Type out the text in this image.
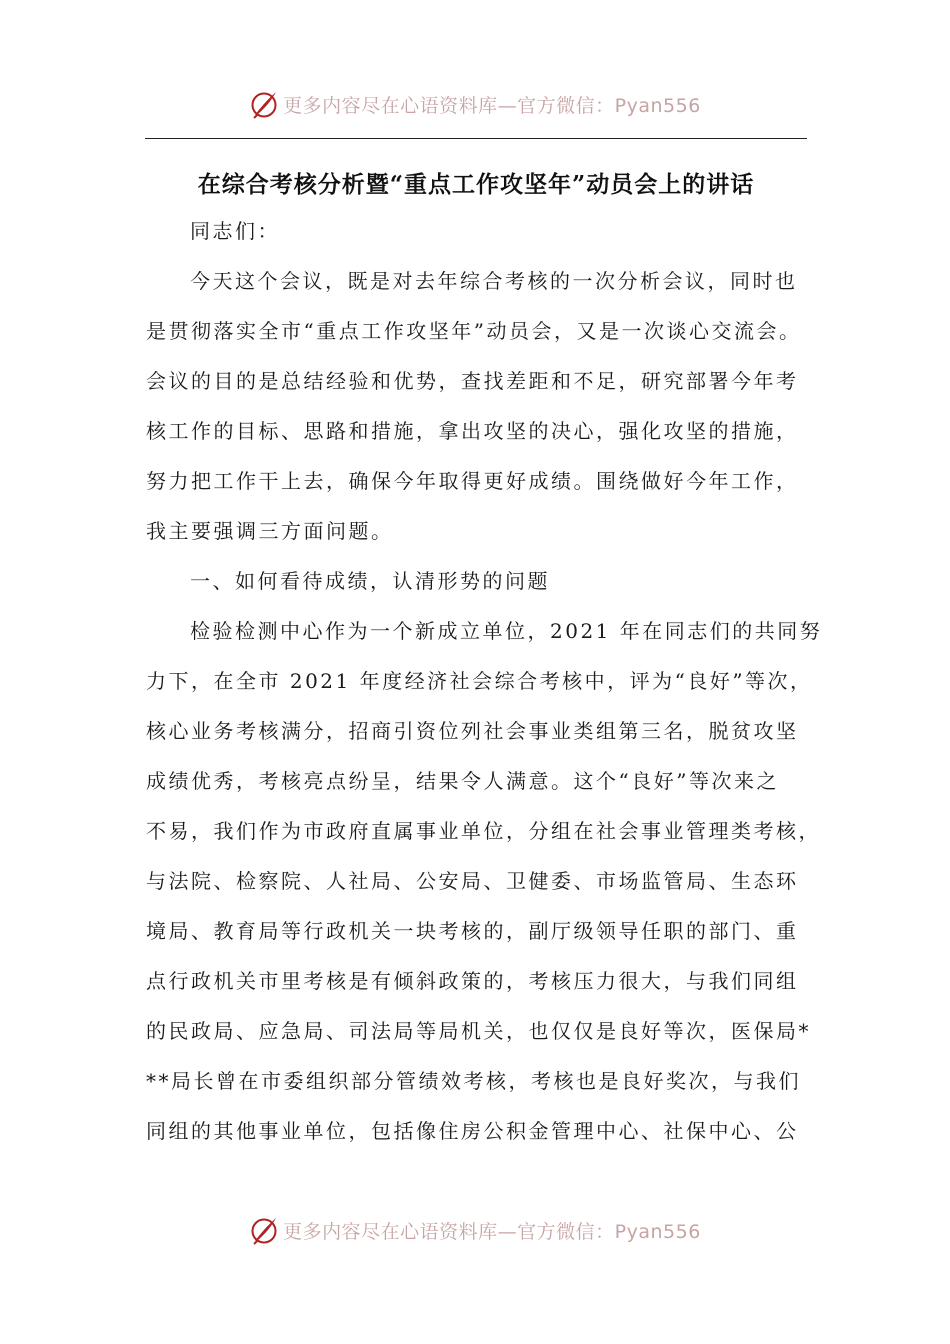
更多内容尽在心语资料库—官方微信：Pyan556
在综合考核分析暨“重点工作攻坚年”动员会上的讲话
同志们：
今天这个会议，既是对去年综合考核的一次分析会议，同时也
是贯彻落实全市“重点工作攻坚年”动员会，又是一次谈心交流会。
会议的目的是总结经验和优势，查找差距和不足，研究部署今年考
核工作的目标、思路和措施，拿出攻坚的决心，强化攻坚的措施，
努力把工作干上去，确保今年取得更好成绩。围绕做好今年工作，
我主要强调三方面问题。
一、如何看待成绩，认清形势的问题
检验检测中心作为一个新成立单位，2021 年在同志们的共同努
力下，在全市 2021 年度经济社会综合考核中，评为“良好”等次，
核心业务考核满分，招商引资位列社会事业类组第三名，脱贫攻坚
成绩优秀，考核亮点纷呈，结果令人满意。这个“良好”等次来之
不易，我们作为市政府直属事业单位，分组在社会事业管理类考核，
与法院、检察院、人社局、公安局、卫健委、市场监管局、生态环
境局、教育局等行政机关一块考核的，副厅级领导任职的部门、重
点行政机关市里考核是有倾斜政策的，考核压力很大，与我们同组
的民政局、应急局、司法局等局机关，也仅仅是良好等次，医保局*
**局长曾在市委组织部分管绩效考核，考核也是良好奖次，与我们
同组的其他事业单位，包括像住房公积金管理中心、社保中心、公
更多内容尽在心语资料库—官方微信：Pyan556
